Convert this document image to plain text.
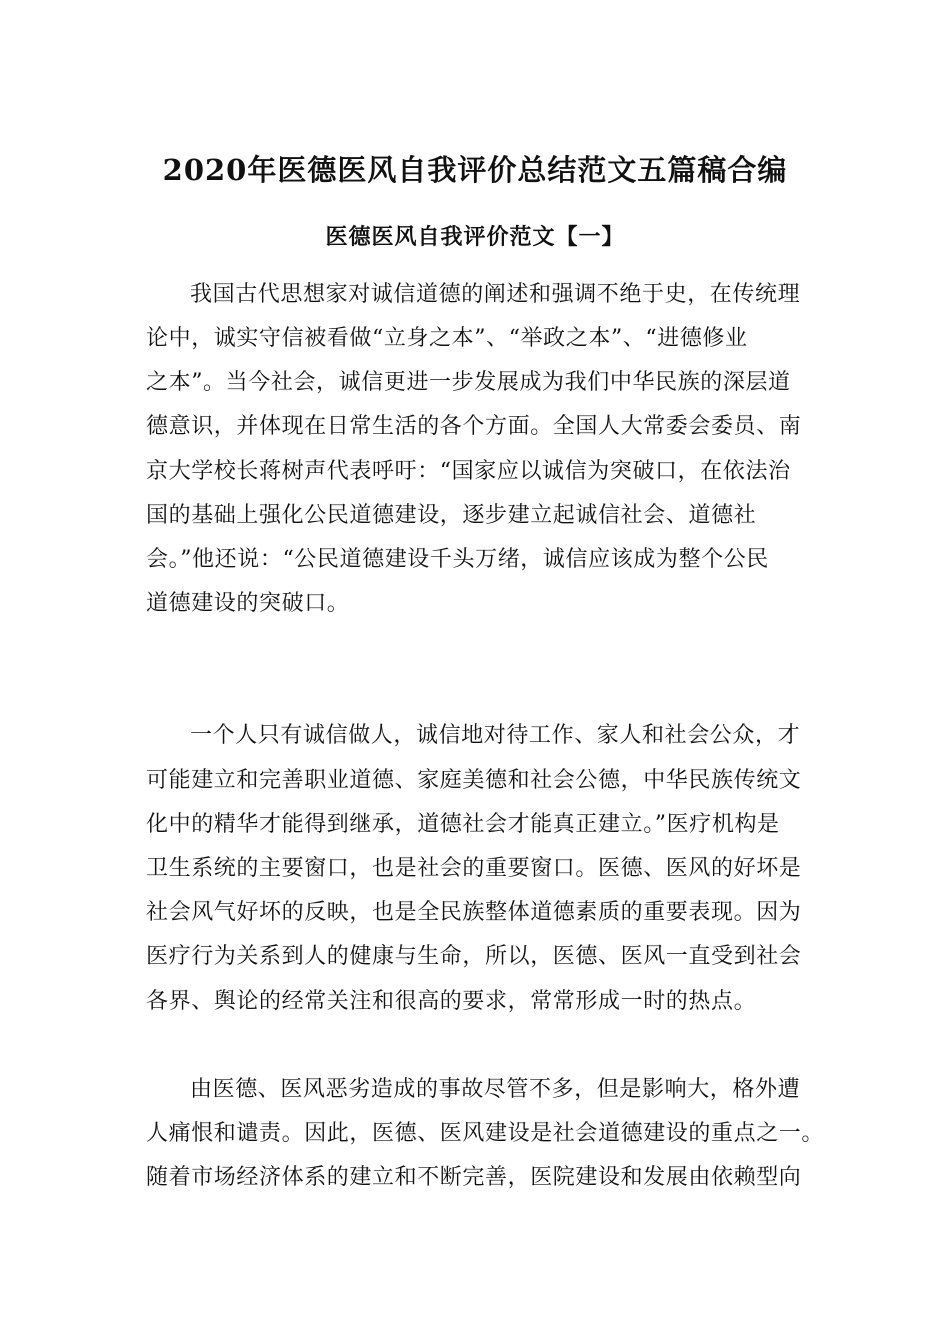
2020年医德医风自我评价总结范文五篇稿合编
医德医风自我评价范文【一】
我国古代思想家对诚信道德的阐述和强调不绝于史，在传统理
论中，诚实守信被看做“立身之本”、“举政之本”、“进德修业
之本”。当今社会，诚信更进一步发展成为我们中华民族的深层道
德意识，并体现在日常生活的各个方面。全国人大常委会委员、南
京大学校长蒋树声代表呼吁：“国家应以诚信为突破口，在依法治
国的基础上强化公民道德建设，逐步建立起诚信社会、道德社
会。”他还说：“公民道德建设千头万绪，诚信应该成为整个公民
道德建设的突破口。
一个人只有诚信做人，诚信地对待工作、家人和社会公众，才
可能建立和完善职业道德、家庭美德和社会公德，中华民族传统文
化中的精华才能得到继承，道德社会才能真正建立。”医疗机构是
卫生系统的主要窗口，也是社会的重要窗口。医德、医风的好坏是
社会风气好坏的反映，也是全民族整体道德素质的重要表现。因为
医疗行为关系到人的健康与生命，所以，医德、医风一直受到社会
各界、舆论的经常关注和很高的要求，常常形成一时的热点。
由医德、医风恶劣造成的事故尽管不多，但是影响大，格外遭
人痛恨和谴责。因此，医德、医风建设是社会道德建设的重点之一。
随着市场经济体系的建立和不断完善，医院建设和发展由依赖型向
